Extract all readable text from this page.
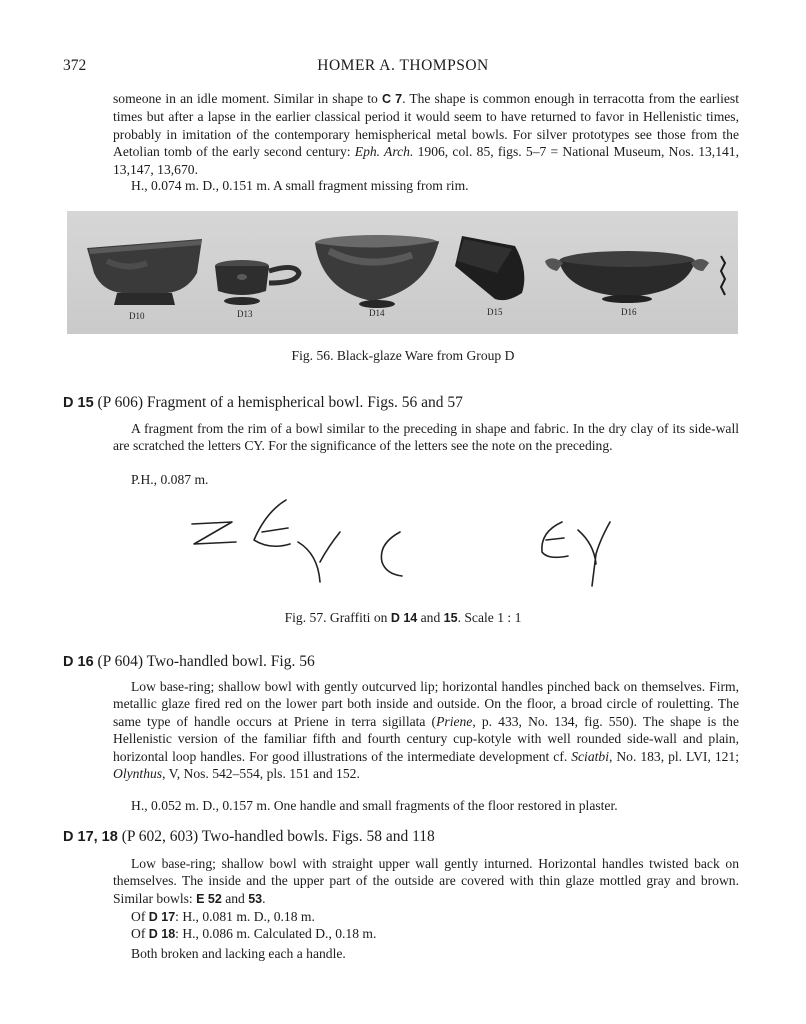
372	HOMER A. THOMPSON

someone in an idle moment. Similar in shape to C 7. The shape is common enough in terracotta from the earliest times but after a lapse in the earlier classical period it would seem to have returned to favor in Hellenistic times, probably in imitation of the contemporary hemispherical metal bowls. For silver prototypes see those from the Aetolian tomb of the early second century: Eph. Arch. 1906, col. 85, figs. 5–7 = National Museum, Nos. 13,141, 13,147, 13,670.

H., 0.074 m. D., 0.151 m. A small fragment missing from rim.
D10	D13	D14	D15	D16
Fig. 56. Black-glaze Ware from Group D
D 15 (P 606) Fragment of a hemispherical bowl. Figs. 56 and 57

A fragment from the rim of a bowl similar to the preceding in shape and fabric. In the dry clay of its side-wall are scratched the letters ϹY. For the significance of the letters see the note on the preceding.

P.H., 0.087 m.
Fig. 57. Graffiti on D 14 and 15. Scale 1 : 1
D 16 (P 604) Two-handled bowl. Fig. 56

Low base-ring; shallow bowl with gently outcurved lip; horizontal handles pinched back on themselves. Firm, metallic glaze fired red on the lower part both inside and outside. On the floor, a broad circle of rouletting. The same type of handle occurs at Priene in terra sigillata (Priene, p. 433, No. 134, fig. 550). The shape is the Hellenistic version of the familiar fifth and fourth century cup-kotyle with well rounded side-wall and plain, horizontal loop handles. For good illustrations of the intermediate development cf. Sciatbi, No. 183, pl. LVI, 121; Olynthus, V, Nos. 542–554, pls. 151 and 152.

H., 0.052 m. D., 0.157 m. One handle and small fragments of the floor restored in plaster.
D 17, 18 (P 602, 603) Two-handled bowls. Figs. 58 and 118

Low base-ring; shallow bowl with straight upper wall gently inturned. Horizontal handles twisted back on themselves. The inside and the upper part of the outside are covered with thin glaze mottled gray and brown. Similar bowls: E 52 and 53.

Of D 17: H., 0.081 m. D., 0.18 m.
Of D 18: H., 0.086 m. Calculated D., 0.18 m.
Both broken and lacking each a handle.
